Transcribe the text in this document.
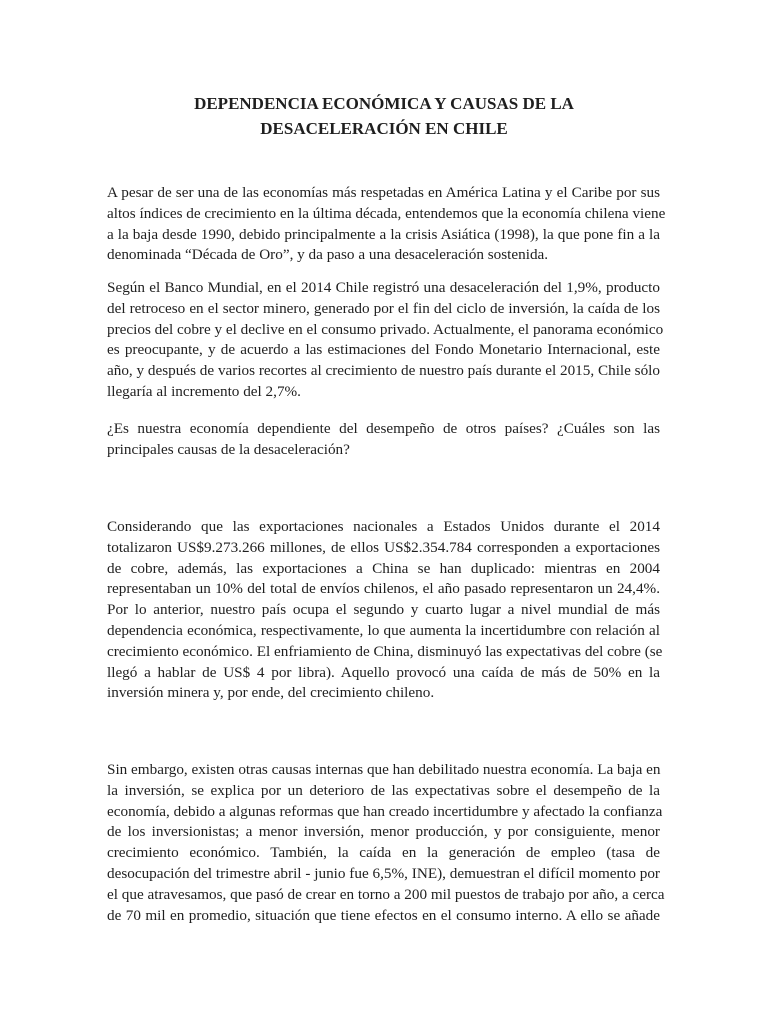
DEPENDENCIA ECONÓMICA Y CAUSAS DE LA
DESACELERACIÓN EN CHILE

A pesar de ser una de las economías más respetadas en América Latina y el Caribe por sus
altos índices de crecimiento en la última década, entendemos que la economía chilena viene
a la baja desde 1990, debido principalmente a la crisis Asiática (1998), la que pone fin a la
denominada “Década de Oro”, y da paso a una desaceleración sostenida.

Según el Banco Mundial, en el 2014 Chile registró una desaceleración del 1,9%, producto
del retroceso en el sector minero, generado por el fin del ciclo de inversión, la caída de los
precios del cobre y el declive en el consumo privado. Actualmente, el panorama económico
es preocupante, y de acuerdo a las estimaciones del Fondo Monetario Internacional, este
año, y después de varios recortes al crecimiento de nuestro país durante el 2015, Chile sólo
llegaría al incremento del 2,7%.

¿Es nuestra economía dependiente del desempeño de otros países? ¿Cuáles son las
principales causas de la desaceleración?

Considerando que las exportaciones nacionales a Estados Unidos durante el 2014
totalizaron US$9.273.266 millones, de ellos US$2.354.784 corresponden a exportaciones
de cobre, además, las exportaciones a China se han duplicado: mientras en 2004
representaban un 10% del total de envíos chilenos, el año pasado representaron un 24,4%.
Por lo anterior, nuestro país ocupa el segundo y cuarto lugar a nivel mundial de más
dependencia económica, respectivamente, lo que aumenta la incertidumbre con relación al
crecimiento económico. El enfriamiento de China, disminuyó las expectativas del cobre (se
llegó a hablar de US$ 4 por libra). Aquello provocó una caída de más de 50% en la
inversión minera y, por ende, del crecimiento chileno.

Sin embargo, existen otras causas internas que han debilitado nuestra economía. La baja en
la inversión, se explica por un deterioro de las expectativas sobre el desempeño de la
economía, debido a algunas reformas que han creado incertidumbre y afectado la confianza
de los inversionistas; a menor inversión, menor producción, y por consiguiente, menor
crecimiento económico. También, la caída en la generación de empleo (tasa de
desocupación del trimestre abril - junio fue 6,5%, INE), demuestran el difícil momento por
el que atravesamos, que pasó de crear en torno a 200 mil puestos de trabajo por año, a cerca
de 70 mil en promedio, situación que tiene efectos en el consumo interno. A ello se añade
